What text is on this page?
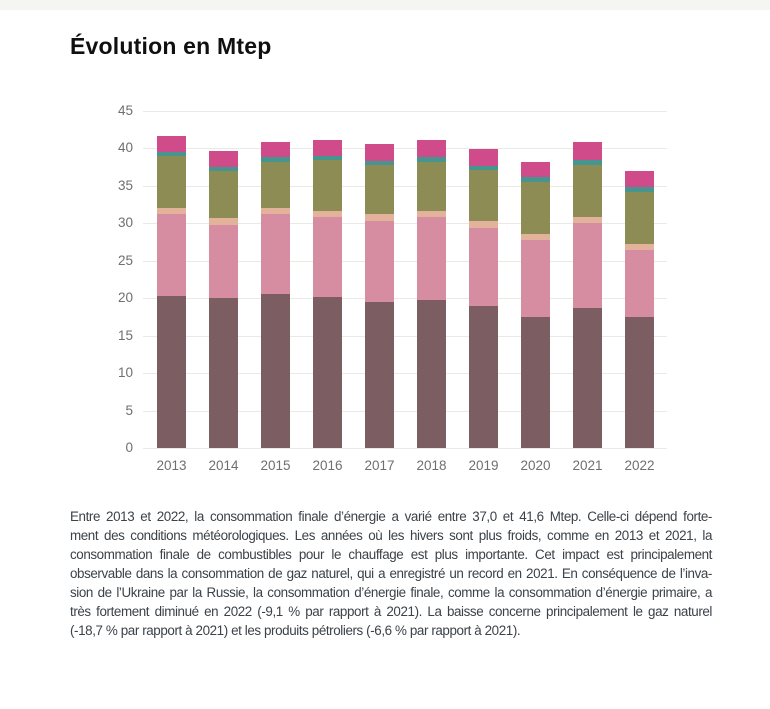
Évolution en Mtep
Entre 2013 et 2022, la consommation finale d’énergie a varié entre 37,0 et 41,6 Mtep. Celle-ci dépend forte-
ment des conditions météorologiques. Les années où les hivers sont plus froids, comme en 2013 et 2021, la
consommation finale de combustibles pour le chauffage est plus importante. Cet impact est principalement
observable dans la consommation de gaz naturel, qui a enregistré un record en 2021. En conséquence de l’inva-
sion de l’Ukraine par la Russie, la consommation d’énergie finale, comme la consommation d’énergie primaire, a
très fortement diminué en 2022 (-9,1 % par rapport à 2021). La baisse concerne principalement le gaz naturel
(-18,7 % par rapport à 2021) et les produits pétroliers (-6,6 % par rapport à 2021).
0
5
10
15
20
25
30
35
40
45
2013	2014	2015	2016	2017	2018	2019	2020	2021	2022
